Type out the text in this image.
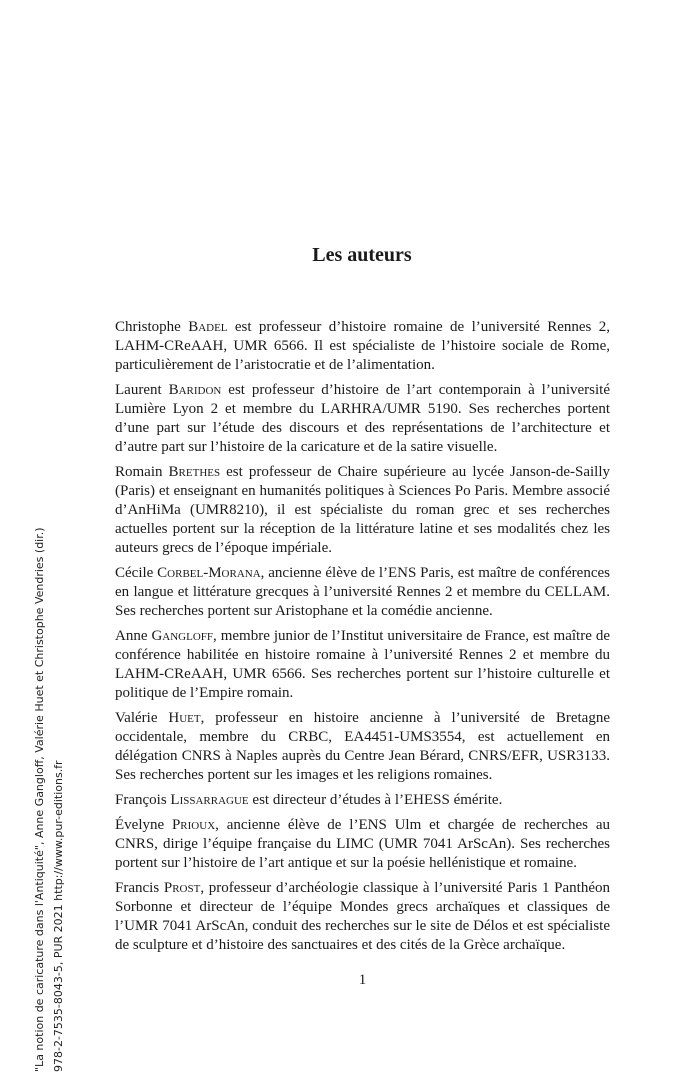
Les auteurs

Christophe Badel est professeur d’histoire romaine de l’université Rennes 2, LAHM-CReAAH, UMR 6566. Il est spécialiste de l’histoire sociale de Rome, particulièrement de l’aristocratie et de l’alimentation.

Laurent Baridon est professeur d’histoire de l’art contemporain à l’université Lumière Lyon 2 et membre du LARHRA/UMR 5190. Ses recherches portent d’une part sur l’étude des discours et des représentations de l’architecture et d’autre part sur l’histoire de la caricature et de la satire visuelle.

Romain Brethes est professeur de Chaire supérieure au lycée Janson-de-Sailly (Paris) et enseignant en humanités politiques à Sciences Po Paris. Membre associé d’AnHiMa (UMR8210), il est spécialiste du roman grec et ses recherches actuelles portent sur la réception de la littérature latine et ses modalités chez les auteurs grecs de l’époque impériale.

Cécile Corbel-Morana, ancienne élève de l’ENS Paris, est maître de conférences en langue et littérature grecques à l’université Rennes 2 et membre du CELLAM. Ses recherches portent sur Aristophane et la comédie ancienne.

Anne Gangloff, membre junior de l’Institut universitaire de France, est maître de conférence habilitée en histoire romaine à l’université Rennes 2 et membre du LAHM-CReAAH, UMR 6566. Ses recherches portent sur l’histoire culturelle et politique de l’Empire romain.

Valérie Huet, professeur en histoire ancienne à l’université de Bretagne occidentale, membre du CRBC, EA4451-UMS3554, est actuellement en délégation CNRS à Naples auprès du Centre Jean Bérard, CNRS/EFR, USR3133. Ses recherches portent sur les images et les religions romaines.

François Lissarrague est directeur d’études à l’EHESS émérite.

Évelyne Prioux, ancienne élève de l’ENS Ulm et chargée de recherches au CNRS, dirige l’équipe française du LIMC (UMR 7041 ArScAn). Ses recherches portent sur l’histoire de l’art antique et sur la poésie hellénistique et romaine.

Francis Prost, professeur d’archéologie classique à l’université Paris 1 Panthéon Sorbonne et directeur de l’équipe Mondes grecs archaïques et classiques de l’UMR 7041 ArScAn, conduit des recherches sur le site de Délos et est spécialiste de sculpture et d’histoire des sanctuaires et des cités de la Grèce archaïque.

1
"La notion de caricature dans l'Antiquité", Anne Gangloff, Valérie Huet et Christophe Vendries (dir.) 978-2-7535-8043-5, PUR 2021 http://www.pur-editions.fr
